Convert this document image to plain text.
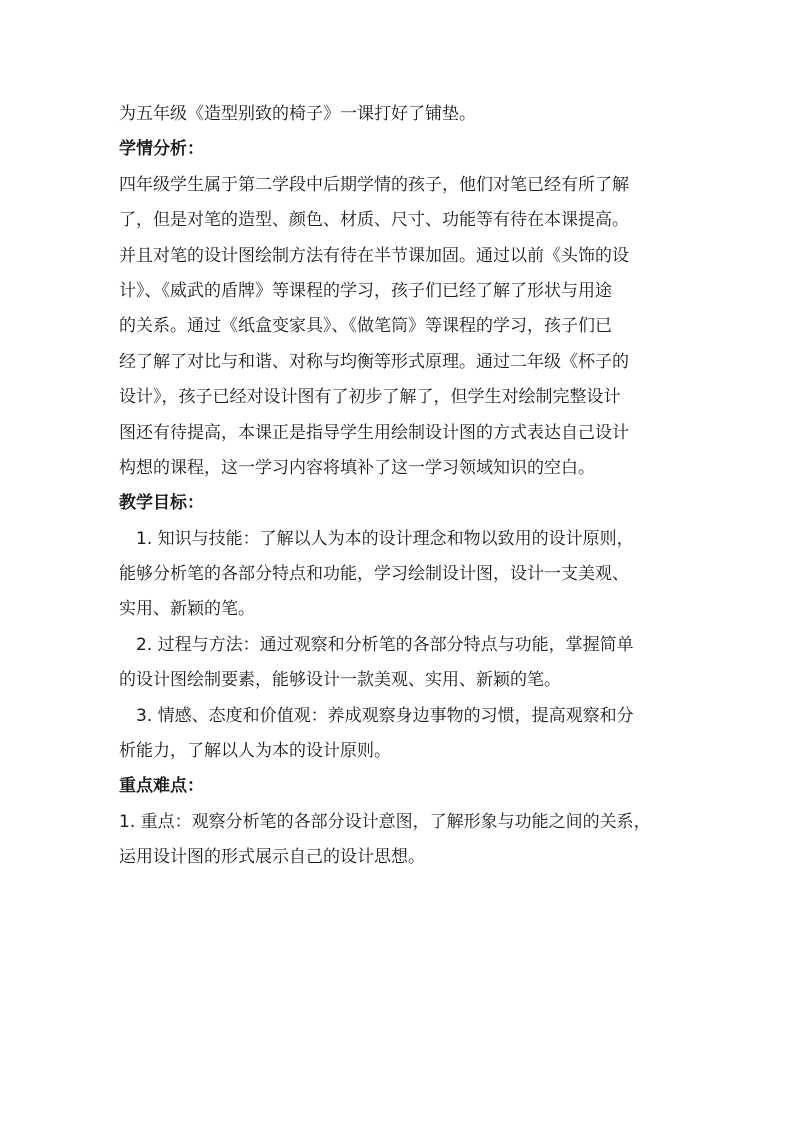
为五年级《造型别致的椅子》一课打好了铺垫。
学情分析：
四年级学生属于第二学段中后期学情的孩子，他们对笔已经有所了解
了，但是对笔的造型、颜色、材质、尺寸、功能等有待在本课提高。
并且对笔的设计图绘制方法有待在半节课加固。通过以前《头饰的设
计》、《威武的盾牌》等课程的学习，孩子们已经了解了形状与用途
的关系。通过《纸盒变家具》、《做笔筒》等课程的学习，孩子们已
经了解了对比与和谐、对称与均衡等形式原理。通过二年级《杯子的
设计》，孩子已经对设计图有了初步了解了，但学生对绘制完整设计
图还有待提高，本课正是指导学生用绘制设计图的方式表达自己设计
构想的课程，这一学习内容将填补了这一学习领域知识的空白。
教学目标：
1. 知识与技能：了解以人为本的设计理念和物以致用的设计原则，
能够分析笔的各部分特点和功能，学习绘制设计图，设计一支美观、
实用、新颖的笔。
2. 过程与方法：通过观察和分析笔的各部分特点与功能，掌握简单
的设计图绘制要素，能够设计一款美观、实用、新颖的笔。
3. 情感、态度和价值观：养成观察身边事物的习惯，提高观察和分
析能力，了解以人为本的设计原则。
重点难点：
1. 重点：观察分析笔的各部分设计意图，了解形象与功能之间的关系，
运用设计图的形式展示自己的设计思想。
